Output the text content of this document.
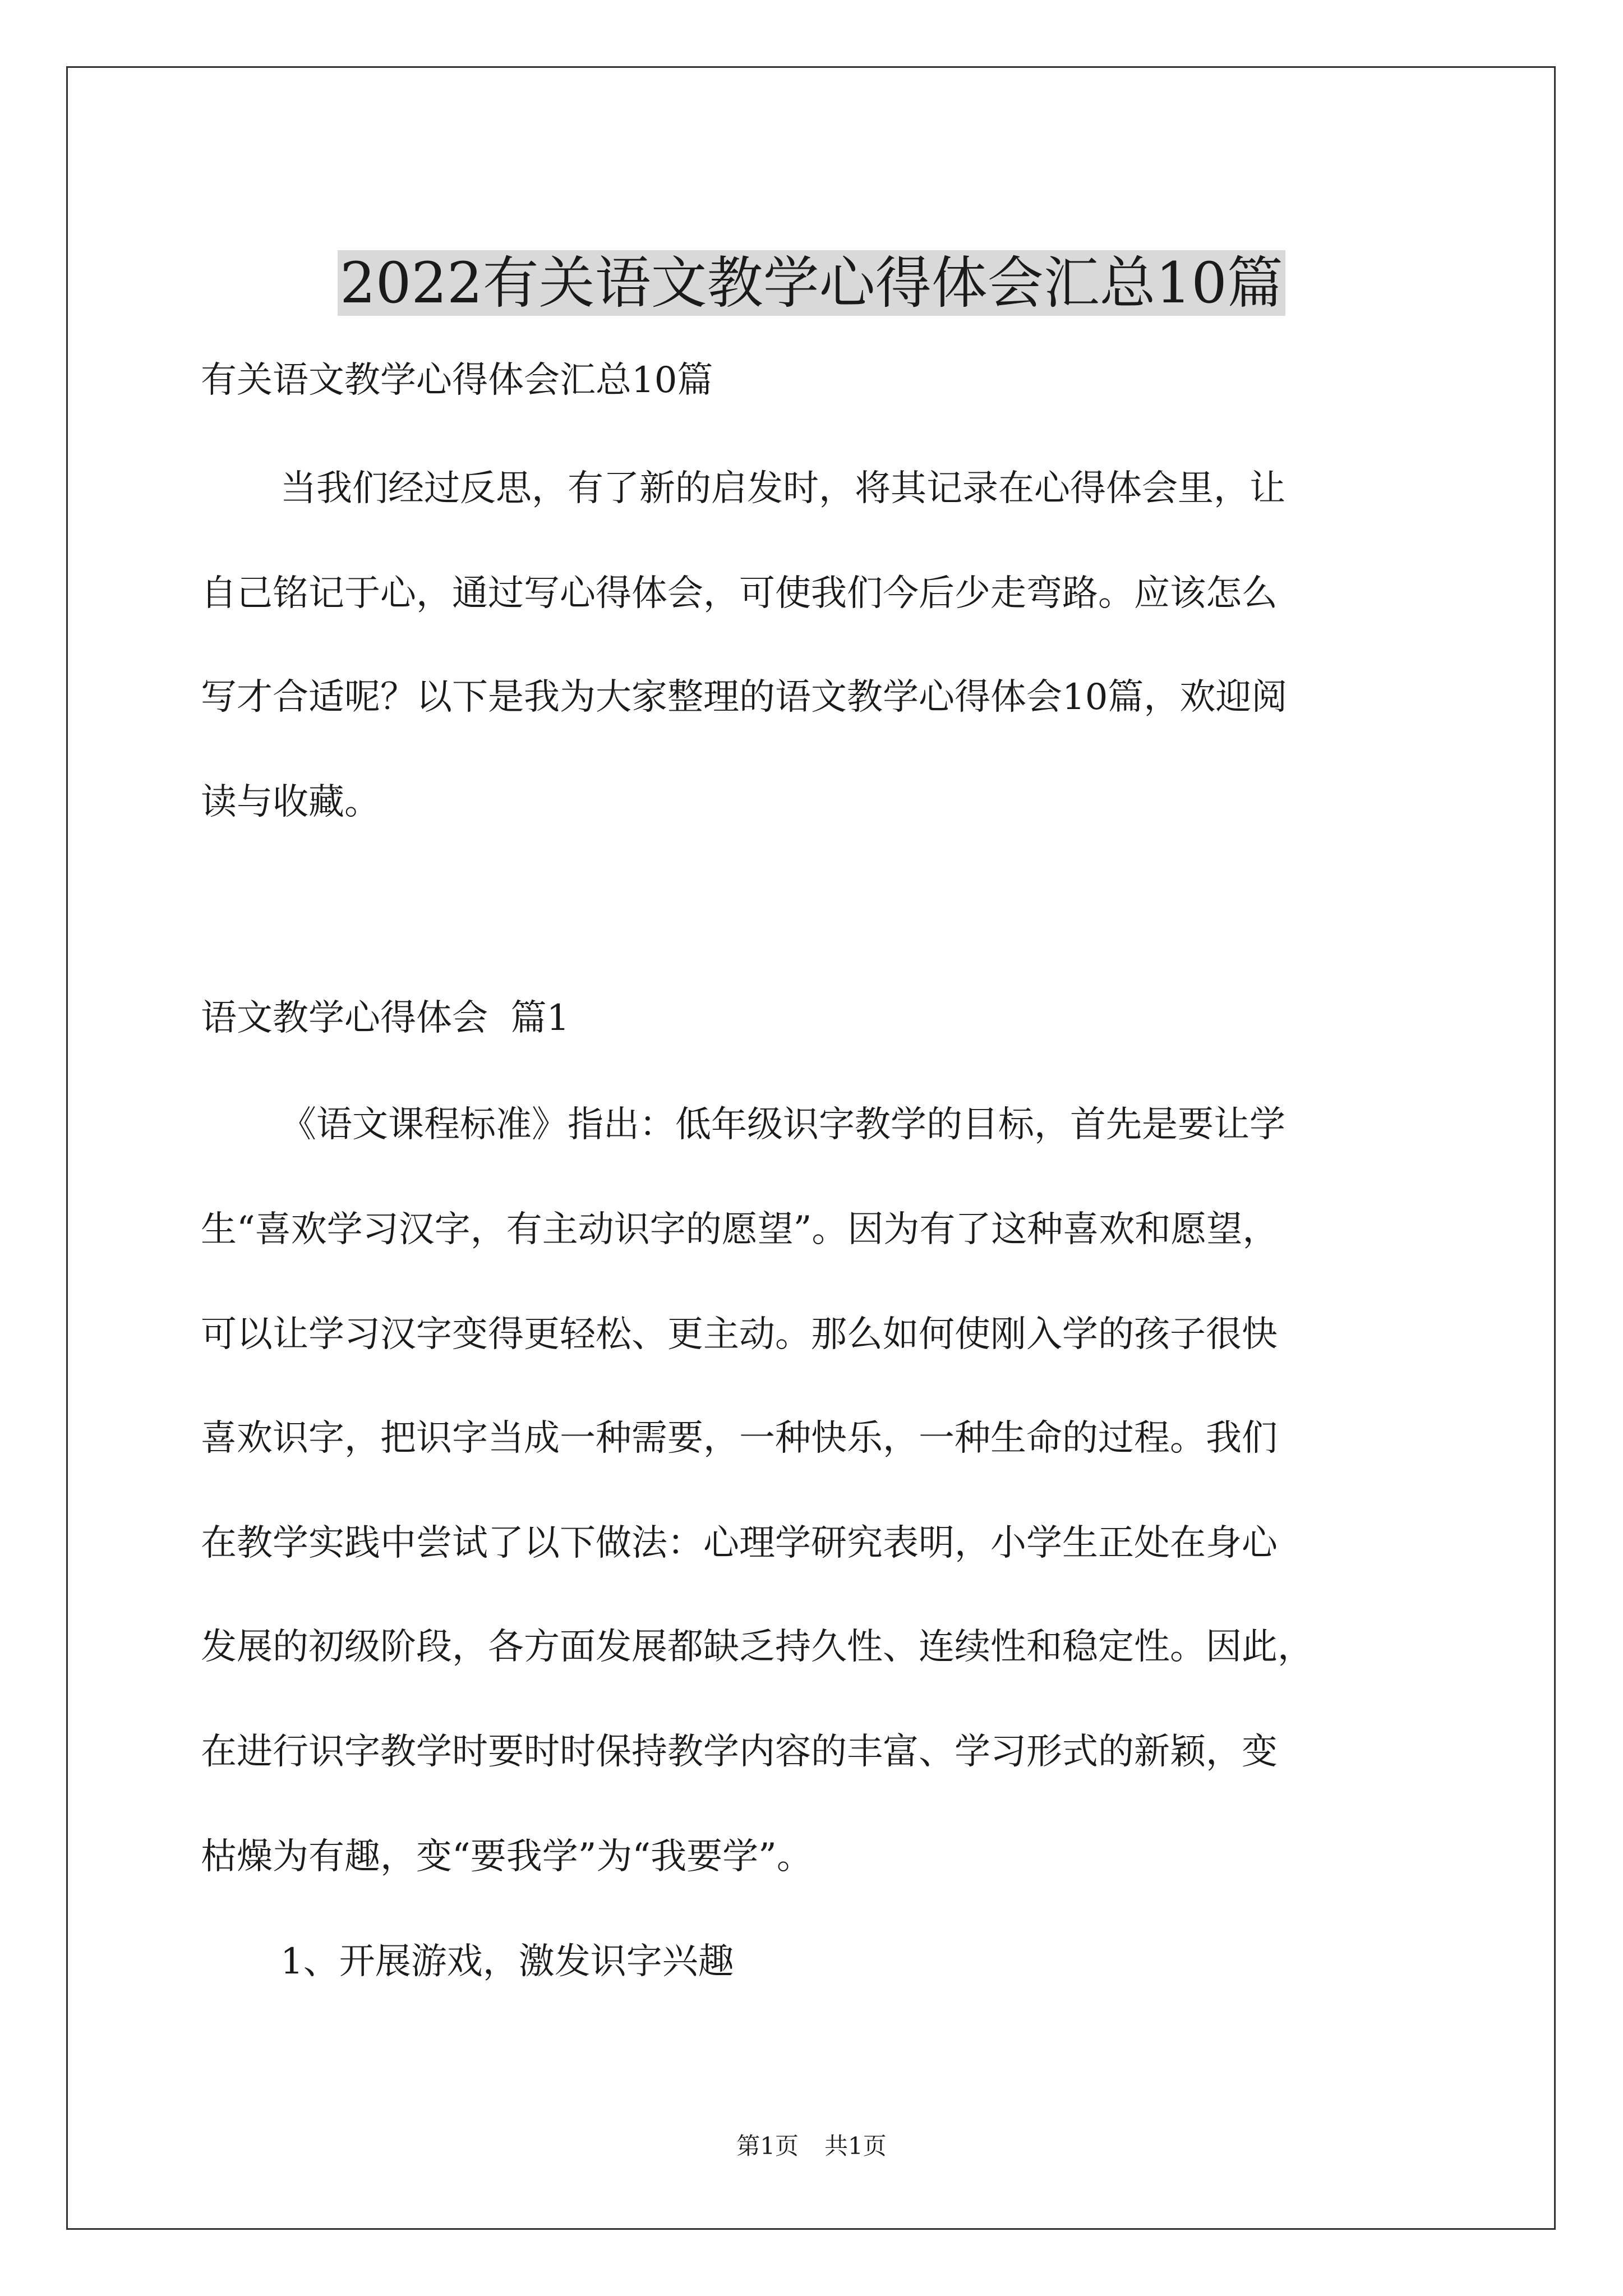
2022有关语文教学心得体会汇总10篇
有关语文教学心得体会汇总10篇
当我们经过反思，有了新的启发时，将其记录在心得体会里，让
自己铭记于心，通过写心得体会，可使我们今后少走弯路。应该怎么
写才合适呢？以下是我为大家整理的语文教学心得体会10篇，欢迎阅
读与收藏。
语文教学心得体会  篇1
《语文课程标准》指出：低年级识字教学的目标，首先是要让学
生“喜欢学习汉字，有主动识字的愿望”。因为有了这种喜欢和愿望，
可以让学习汉字变得更轻松、更主动。那么如何使刚入学的孩子很快
喜欢识字，把识字当成一种需要，一种快乐，一种生命的过程。我们
在教学实践中尝试了以下做法：心理学研究表明，小学生正处在身心
发展的初级阶段，各方面发展都缺乏持久性、连续性和稳定性。因此，
在进行识字教学时要时时保持教学内容的丰富、学习形式的新颖，变
枯燥为有趣，变“要我学”为“我要学”。
1、开展游戏，激发识字兴趣
第1页 共1页
